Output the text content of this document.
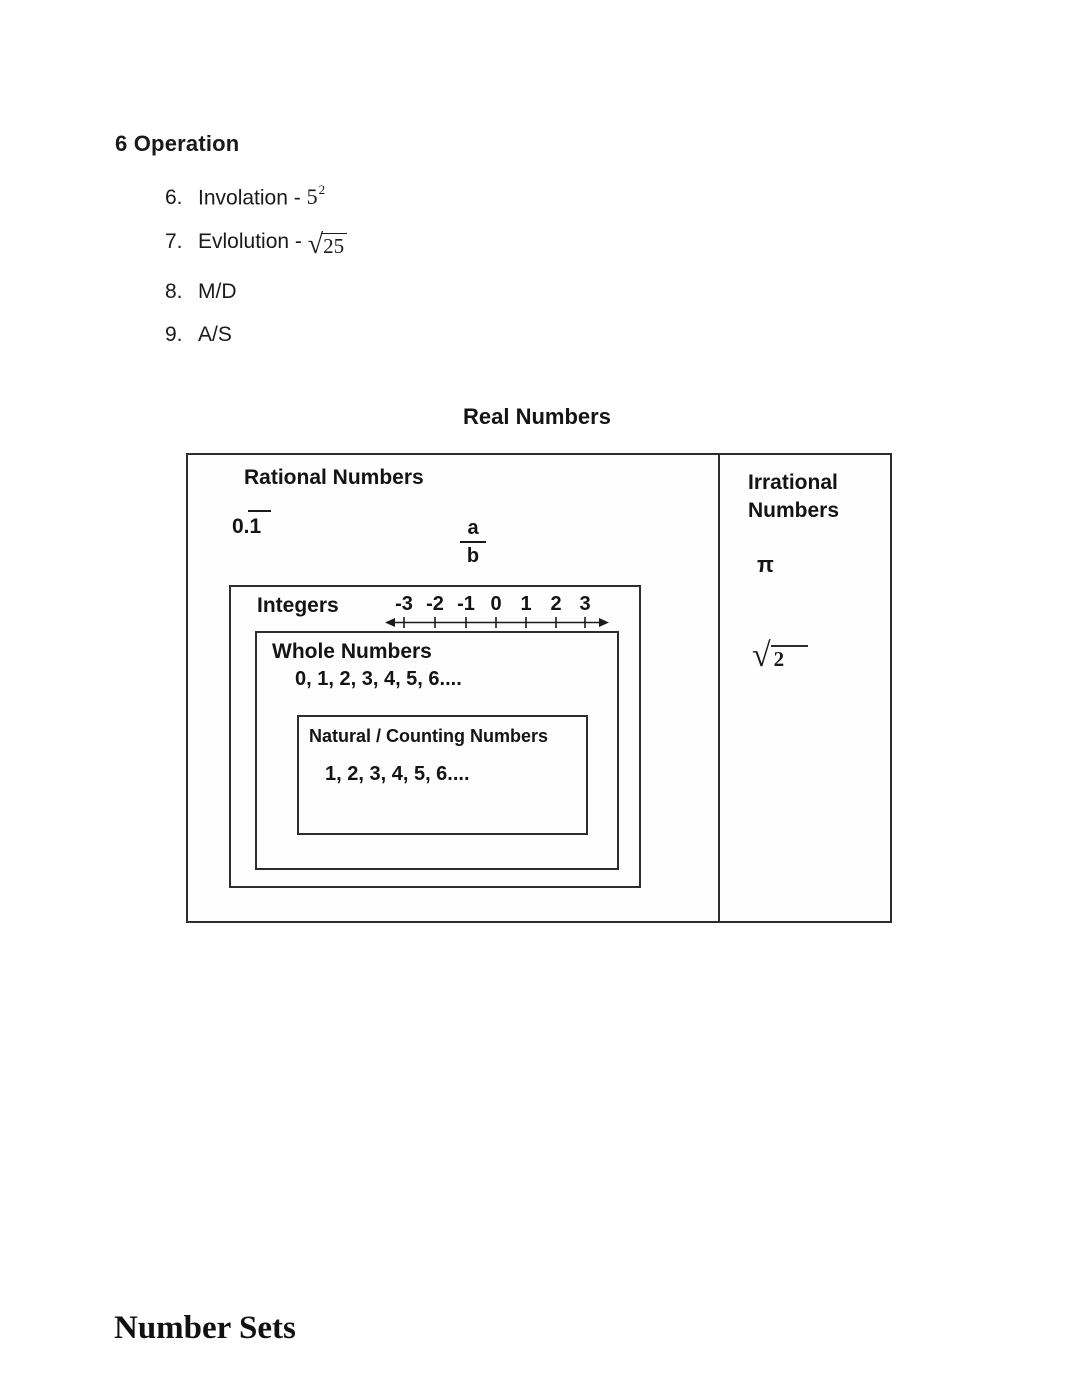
6 Operation
6. Involation - $5^2$
7. Evlolution - √ 25
8. M/D
9. A/S
Real Numbers
Rational Numbers
0.1	$\frac{a}{b}$
Integers	-3 -2 -1 0 1 2 3
Whole Numbers
0, 1, 2, 3, 4, 5, 6....
Natural / Counting Numbers
1, 2, 3, 4, 5, 6....
Irrational
Numbers
π
√ 2
Number Sets
